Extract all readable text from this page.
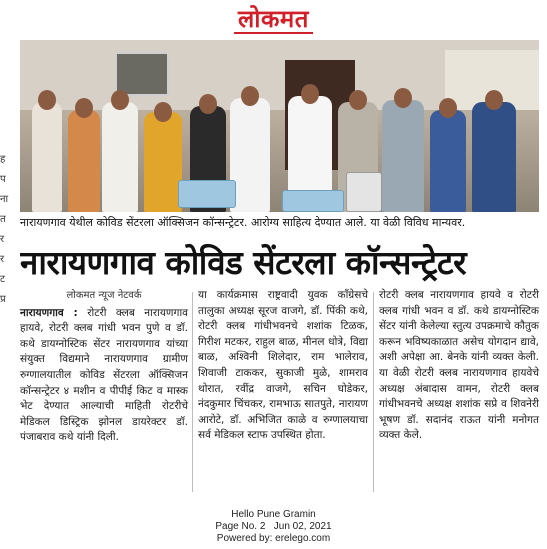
लोकमत
ह
प
ना
त
र
र
ट
प्र
नारायणगाव येथील कोविड सेंटरला ऑक्सिजन कॉन्सन्ट्रेटर. आरोग्य साहित्य देण्यात आले. या वेळी विविध मान्यवर.
नारायणगाव कोविड सेंटरला कॉन्सन्ट्रेटर
लोकमत न्यूज नेटवर्क
नारायणगाव : रोटरी क्लब नारायणगाव हायवे, रोटरी क्लब गांधी भवन पुणे व डॉ. कथे डायग्नोस्टिक सेंटर नारायणगाव यांच्या संयुक्त विद्यमाने नारायणगाव ग्रामीण रुग्णालयातील कोविड सेंटरला ऑक्सिजन कॉन्सन्ट्रेटर ४ मशीन व पीपीई किट व मास्क भेट देण्यात आल्याची माहिती रोटरीचे मेडिकल डिस्ट्रिक झोनल डायरेक्टर डॉ. पंजाबराव कथे यांनी दिली.
या कार्यक्रमास राष्ट्रवादी युवक काँग्रेसचे तालुका अध्यक्ष सूरज वाजगे, डॉ. पिंकी कथे, रोटरी क्लब गांधीभवनचे शशांक टिळक, गिरीश मटकर, राहुल बाळ, मीनल धोत्रे, विद्या बाळ, अश्विनी शिलेदार, राम भालेराव, शिवाजी टाककर, सुकाजी मुळे, शामराव थोरात, रवींद्र वाजगे, सचिन घोडेकर, नंदकुमार चिंचकर, रामभाऊ सातपुते, नारायण आरोटे, डॉ. अभिजित काळे व रुग्णालयाचा सर्व मेडिकल स्टाफ उपस्थित होता.
रोटरी क्लब नारायणगाव हायवे व रोटरी क्लब गांधी भवन व डॉ. कथे डायग्नोस्टिक सेंटर यांनी केलेल्या स्तुत्य उपक्रमाचे कौतुक करून भविष्यकाळात असेच योगदान द्यावे, अशी अपेक्षा आ. बेनके यांनी व्यक्त केली. या वेळी रोटरी क्लब नारायणगाव हायवेचे अध्यक्ष अंबादास वामन, रोटरी क्लब गांधीभवनचे अध्यक्ष शशांक सप्रे व शिवनेरी भूषण डॉ. सदानंद राऊत यांनी मनोगत व्यक्त केले.
Hello Pune Gramin
Page No. 2 Jun 02, 2021
Powered by: erelego.com
